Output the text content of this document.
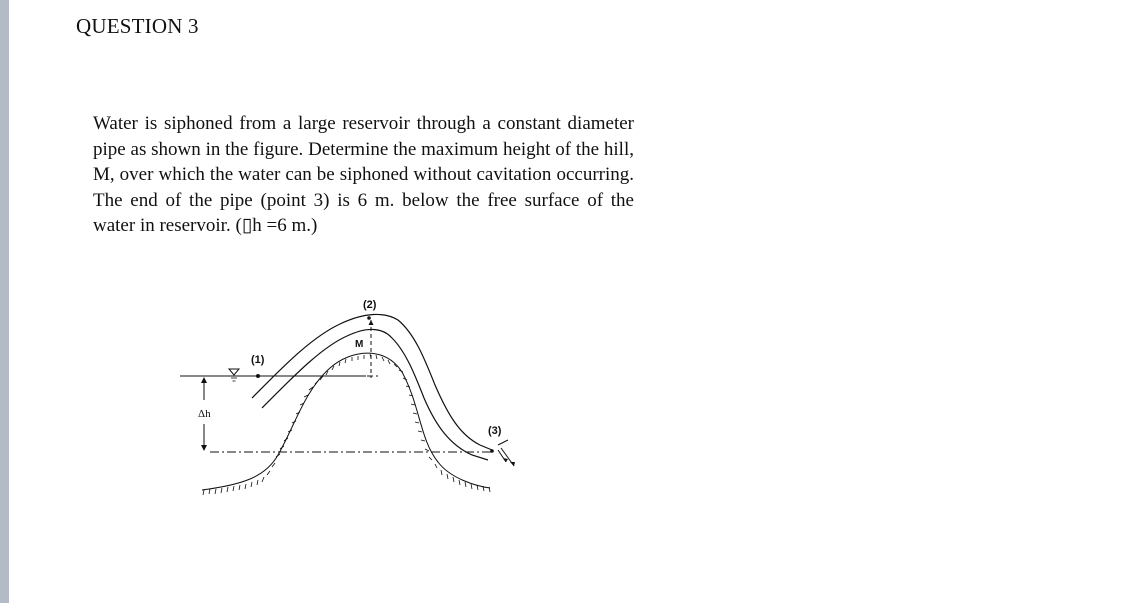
QUESTION 3

Water is siphoned from a large reservoir through a constant diameter pipe as shown in the figure. Determine the maximum height of the hill, M, over which the water can be siphoned without cavitation occurring. The end of the pipe (point 3) is 6 m. below the free surface of the water in reservoir. (▯h =6 m.)

(1)
Δh
(2)
M
(3)
